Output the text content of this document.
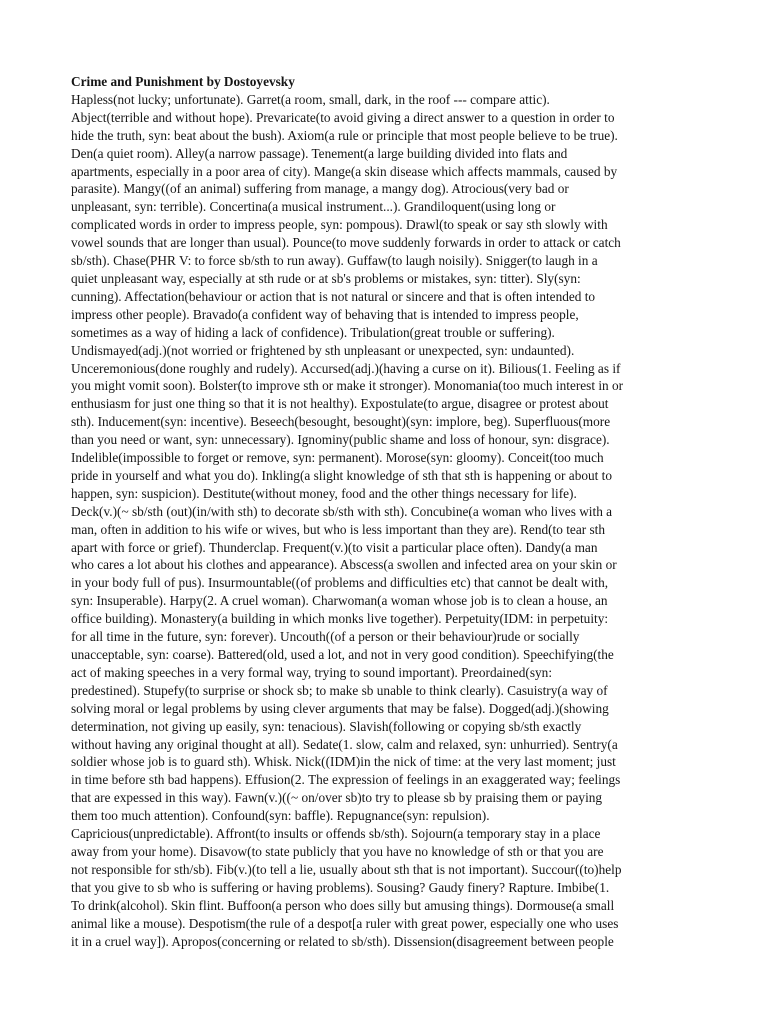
Crime and Punishment by Dostoyevsky

Hapless(not lucky; unfortunate). Garret(a room, small, dark, in the roof --- compare attic).

Abject(terrible and without hope). Prevaricate(to avoid giving a direct answer to a question in order to

hide the truth, syn: beat about the bush). Axiom(a rule or principle that most people believe to be true).

Den(a quiet room). Alley(a narrow passage). Tenement(a large building divided into flats and

apartments, especially in a poor area of city). Mange(a skin disease which affects mammals, caused by

parasite). Mangy((of an animal) suffering from manage, a mangy dog). Atrocious(very bad or

unpleasant, syn: terrible). Concertina(a musical instrument...). Grandiloquent(using long or

complicated words in order to impress people, syn: pompous). Drawl(to speak or say sth slowly with

vowel sounds that are longer than usual). Pounce(to move suddenly forwards in order to attack or catch

sb/sth). Chase(PHR V: to force sb/sth to run away). Guffaw(to laugh noisily). Snigger(to laugh in a

quiet unpleasant way, especially at sth rude or at sb's problems or mistakes, syn: titter). Sly(syn:

cunning). Affectation(behaviour or action that is not natural or sincere and that is often intended to

impress other people). Bravado(a confident way of behaving that is intended to impress people,

sometimes as a way of hiding a lack of confidence). Tribulation(great trouble or suffering).

Undismayed(adj.)(not worried or frightened by sth unpleasant or unexpected, syn: undaunted).

Unceremonious(done roughly and rudely). Accursed(adj.)(having a curse on it). Bilious(1. Feeling as if

you might vomit soon). Bolster(to improve sth or make it stronger). Monomania(too much interest in or

enthusiasm for just one thing so that it is not healthy). Expostulate(to argue, disagree or protest about

sth). Inducement(syn: incentive). Beseech(besought, besought)(syn: implore, beg). Superfluous(more

than you need or want, syn: unnecessary). Ignominy(public shame and loss of honour, syn: disgrace).

Indelible(impossible to forget or remove, syn: permanent). Morose(syn: gloomy). Conceit(too much

pride in yourself and what you do). Inkling(a slight knowledge of sth that sth is happening or about to

happen, syn: suspicion). Destitute(without money, food and the other things necessary for life).

Deck(v.)(~ sb/sth (out)(in/with sth) to decorate sb/sth with sth). Concubine(a woman who lives with a

man, often in addition to his wife or wives, but who is less important than they are). Rend(to tear sth

apart with force or grief). Thunderclap. Frequent(v.)(to visit a particular place often). Dandy(a man

who cares a lot about his clothes and appearance). Abscess(a swollen and infected area on your skin or

in your body full of pus). Insurmountable((of problems and difficulties etc) that cannot be dealt with,

syn: Insuperable). Harpy(2. A cruel woman). Charwoman(a woman whose job is to clean a house, an

office building). Monastery(a building in which monks live together). Perpetuity(IDM: in perpetuity:

for all time in the future, syn: forever). Uncouth((of a person or their behaviour)rude or socially

unacceptable, syn: coarse). Battered(old, used a lot, and not in very good condition). Speechifying(the

act of making speeches in a very formal way, trying to sound important). Preordained(syn:

predestined). Stupefy(to surprise or shock sb; to make sb unable to think clearly). Casuistry(a way of

solving moral or legal problems by using clever arguments that may be false). Dogged(adj.)(showing

determination, not giving up easily, syn: tenacious). Slavish(following or copying sb/sth exactly

without having any original thought at all). Sedate(1. slow, calm and relaxed, syn: unhurried). Sentry(a

soldier whose job is to guard sth). Whisk. Nick((IDM)in the nick of time: at the very last moment; just

in time before sth bad happens). Effusion(2. The expression of feelings in an exaggerated way; feelings

that are expessed in this way). Fawn(v.)((~ on/over sb)to try to please sb by praising them or paying

them too much attention). Confound(syn: baffle). Repugnance(syn: repulsion).

Capricious(unpredictable). Affront(to insults or offends sb/sth). Sojourn(a temporary stay in a place

away from your home). Disavow(to state publicly that you have no knowledge of sth or that you are

not responsible for sth/sb). Fib(v.)(to tell a lie, usually about sth that is not important). Succour((to)help

that you give to sb who is suffering or having problems). Sousing? Gaudy finery? Rapture. Imbibe(1.

To drink(alcohol). Skin flint. Buffoon(a person who does silly but amusing things). Dormouse(a small

animal like a mouse). Despotism(the rule of a despot[a ruler with great power, especially one who uses

it in a cruel way]). Apropos(concerning or related to sb/sth). Dissension(disagreement between people
